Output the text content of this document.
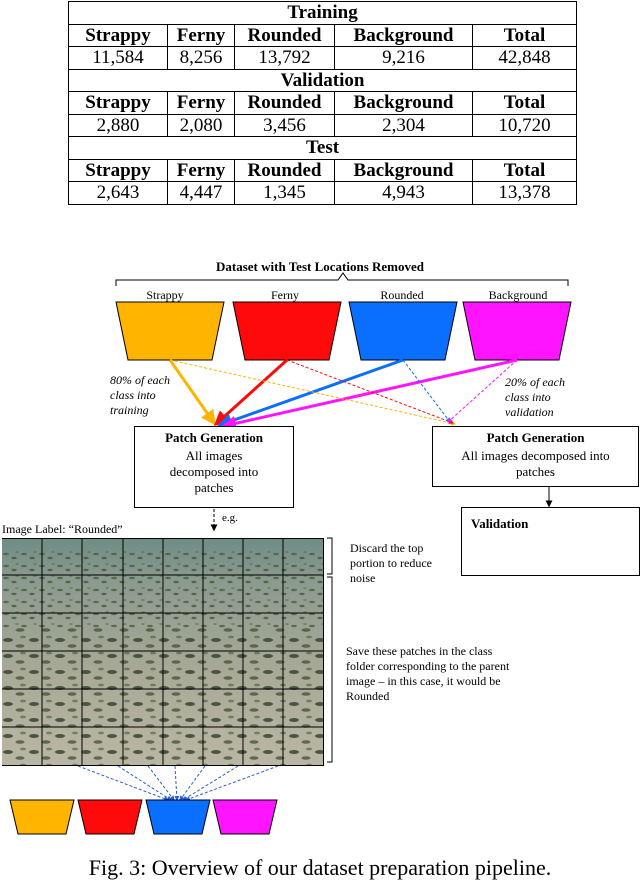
Training				
Strappy	Ferny	Rounded	Background	Total
11,584	8,256	13,792	9,216	42,848
Validation				
Strappy	Ferny	Rounded	Background	Total
2,880	2,080	3,456	2,304	10,720
Test				
Strappy	Ferny	Rounded	Background	Total
2,643	4,447	1,345	4,943	13,378
Dataset with Test Locations Removed
Strappy	Ferny	Rounded	Background
80% of each class into training
20% of each class into validation
Patch Generation
All images decomposed into patches
Patch Generation
All images decomposed into patches
e.g.
Image Label: “Rounded”
Discard the top portion to reduce noise
Save these patches in the class folder corresponding to the parent image – in this case, it would be Rounded
Validation
Training
Fig. 3: Overview of our dataset preparation pipeline.
